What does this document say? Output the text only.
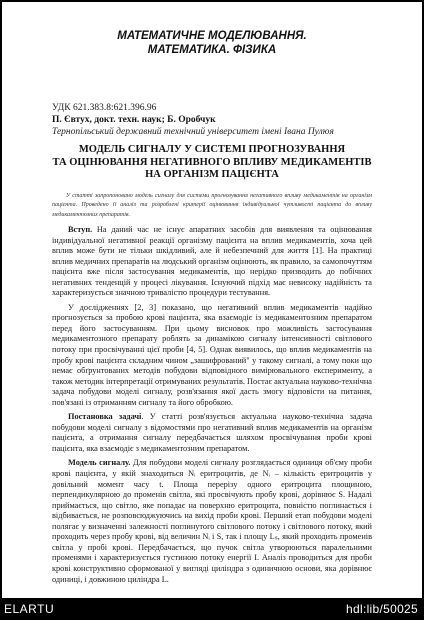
МАТЕМАТИЧНЕ МОДЕЛЮВАННЯ.
МАТЕМАТИКА. ФІЗИКА
УДК 621.383.8:621.396.96
П. Євтух, докт. техн. наук; Б. Оробчук
Тернопільський державний технічний університет імені Івана Пулюя
МОДЕЛЬ СИГНАЛУ У СИСТЕМІ ПРОГНОЗУВАННЯ
ТА ОЦІНЮВАННЯ НЕГАТИВНОГО ВПЛИВУ МЕДИКАМЕНТІВ
НА ОРГАНІЗМ ПАЦІЄНТА
У статті запропоновано модель сигналу для системи прогнозування негативного впливу медикаментів на організм пацієнта. Проведено її аналіз та розроблені критерії оцінювання індивідуальної чутливості пацієнта до впливу медикаментозних препаратів.

Вступ. На даний час не існує апаратних засобів для виявлення та оцінювання індивідуальної негативної реакції організму пацієнта на вплив медикаментів, хоча цей вплив може бути не тільки шкідливий, але й небезпечний для життя [1]. На практиці вплив медичних препаратів на людський організм оцінюють, як правило, за самопочуттям пацієнта вже після застосування медикаментів, що нерідко призводить до побічних негативних тенденцій у процесі лікування. Існуючий підхід має невисоку надійність та характеризується значною тривалістю процедури тестування.

У дослідженнях [2, 3] показано, що негативний вплив медикаментів надійно прогнозується за пробою крові пацієнта, яка взаємодіє із медикаментозним препаратом перед його застосуванням. При цьому висновок про можливість застосування медикаментозного препарату роблять за динамікою сигналу інтенсивності світлового потоку при просвічуванні цієї проби [4, 5]. Однак виявилось, що вплив медикаментів на пробу крові пацієнта складним чином „зашифрований" у такому сигналі, а тому поки що немає обґрунтованих методів побудови відповідного вимірювального експерименту, а також методик інтерпретації отримуваних результатів. Постає актуальна науково-технічна задача побудови моделі сигналу, розв'язання якої дасть змогу відповісти на питання, пов'язані із отриманням сигналу та його обробкою.

Постановка задачі. У статті розв'язується актуальна науково-технічна задача побудови моделі сигналу з відомостями про негативний вплив медикаментів на організм пацієнта, а отримання сигналу передбачається шляхом просвічування проби крові пацієнта, яка взаємодіє з медикаментозним препаратом.

Модель сигналу. Для побудови моделі сигналу розглядається одиниця об'єму проби крові пацієнта, у якій знаходиться Nᵢ еритроцитів, де Nᵢ – кількість еритроцитів у довільний момент часу t. Площа перерізу одного еритроцита площиною, перпендикулярною до променів світла, які просвічують пробу крові, дорівнює S. Надалі приймається, що світло, яке попадає на поверхню еритроцита, повністю поглинається і відбивається, не розповсюджуючись на вихід проби крові. Перший етап побудови моделі полягає у визначенні залежності поглинутого світлового потоку і світлового потоку, який проходить через пробу крові, від величин Nᵢ і S, так і площу Lₛ, який проходить променів світла у пробі крові. Передбачається, що пучок світла утворюються паралельними променями і характеризується густиною потоку енергії I. Аналіз проводиться для проби крові конструктивно сформованої у вигляді циліндра з одиничною основи, яка дорівнює одиниці, і довжиною циліндра L.

ELARTU	hdl:lib/50025
